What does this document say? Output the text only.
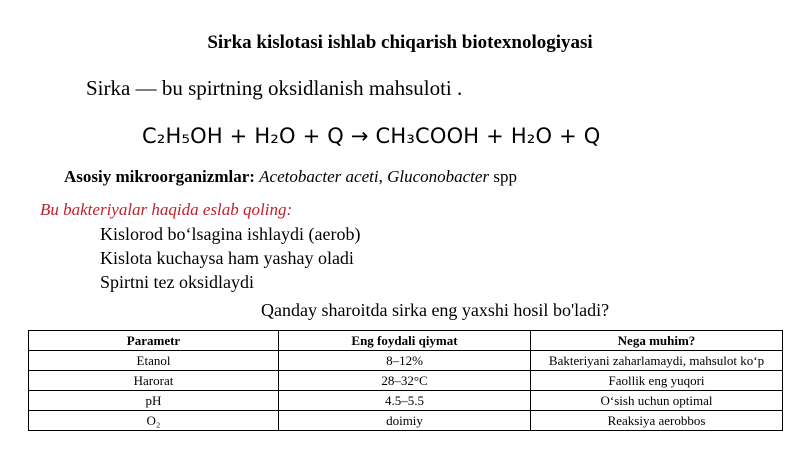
Sirka kislotasi ishlab chiqarish biotexnologiyasi
Sirka — bu spirtning oksidlanish mahsuloti .
C₂H₅OH + H₂O + Q → CH₃COOH + H₂O + Q
Asosiy mikroorganizmlar: Acetobacter aceti, Gluconobacter spp
Bu bakteriyalar haqida eslab qoling:
Kislorod bo‘lsagina ishlaydi (aerob)
Kislota kuchaysa ham yashay oladi
Spirtni tez oksidlaydi
Qanday sharoitda sirka eng yaxshi hosil bo'ladi?
Parametr	Eng foydali qiymat	Nega muhim?
Etanol	8–12%	Bakteriyani zaharlamaydi, mahsulot ko‘p
Harorat	28–32°C	Faollik eng yuqori
pH	4.5–5.5	O‘sish uchun optimal
O₂	doimiy	Reaksiya aerobbos
